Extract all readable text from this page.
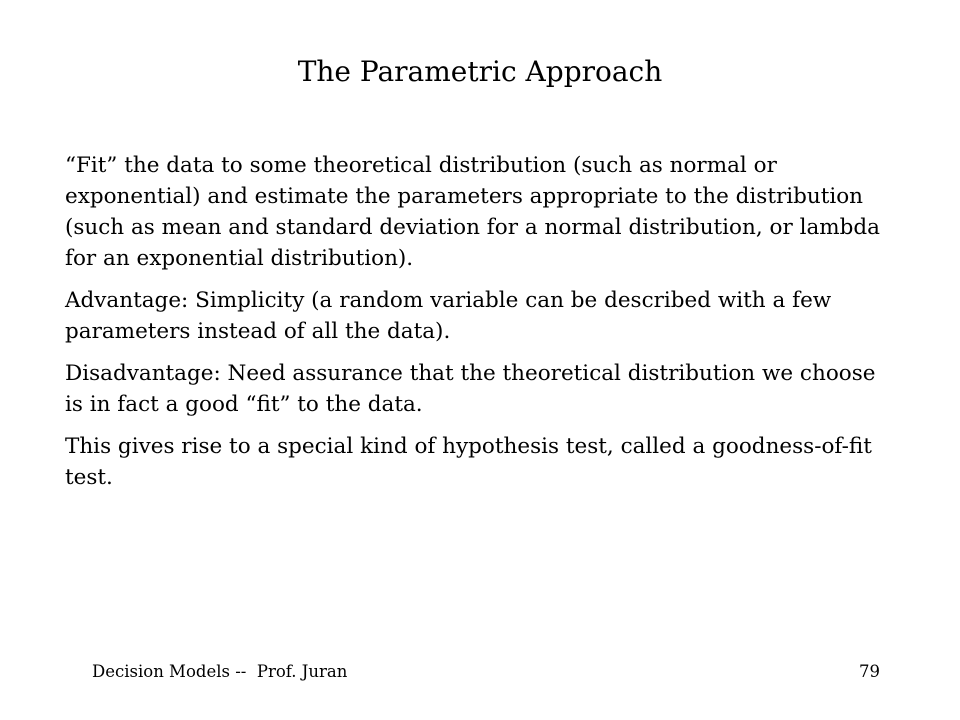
The Parametric Approach

“Fit” the data to some theoretical distribution (such as normal or exponential) and estimate the parameters appropriate to the distribution (such as mean and standard deviation for a normal distribution, or lambda for an exponential distribution).

Advantage: Simplicity (a random variable can be described with a few parameters instead of all the data).

Disadvantage: Need assurance that the theoretical distribution we choose is in fact a good “fit” to the data.

This gives rise to a special kind of hypothesis test, called a goodness-of-fit test.

Decision Models --  Prof. Juran	79
